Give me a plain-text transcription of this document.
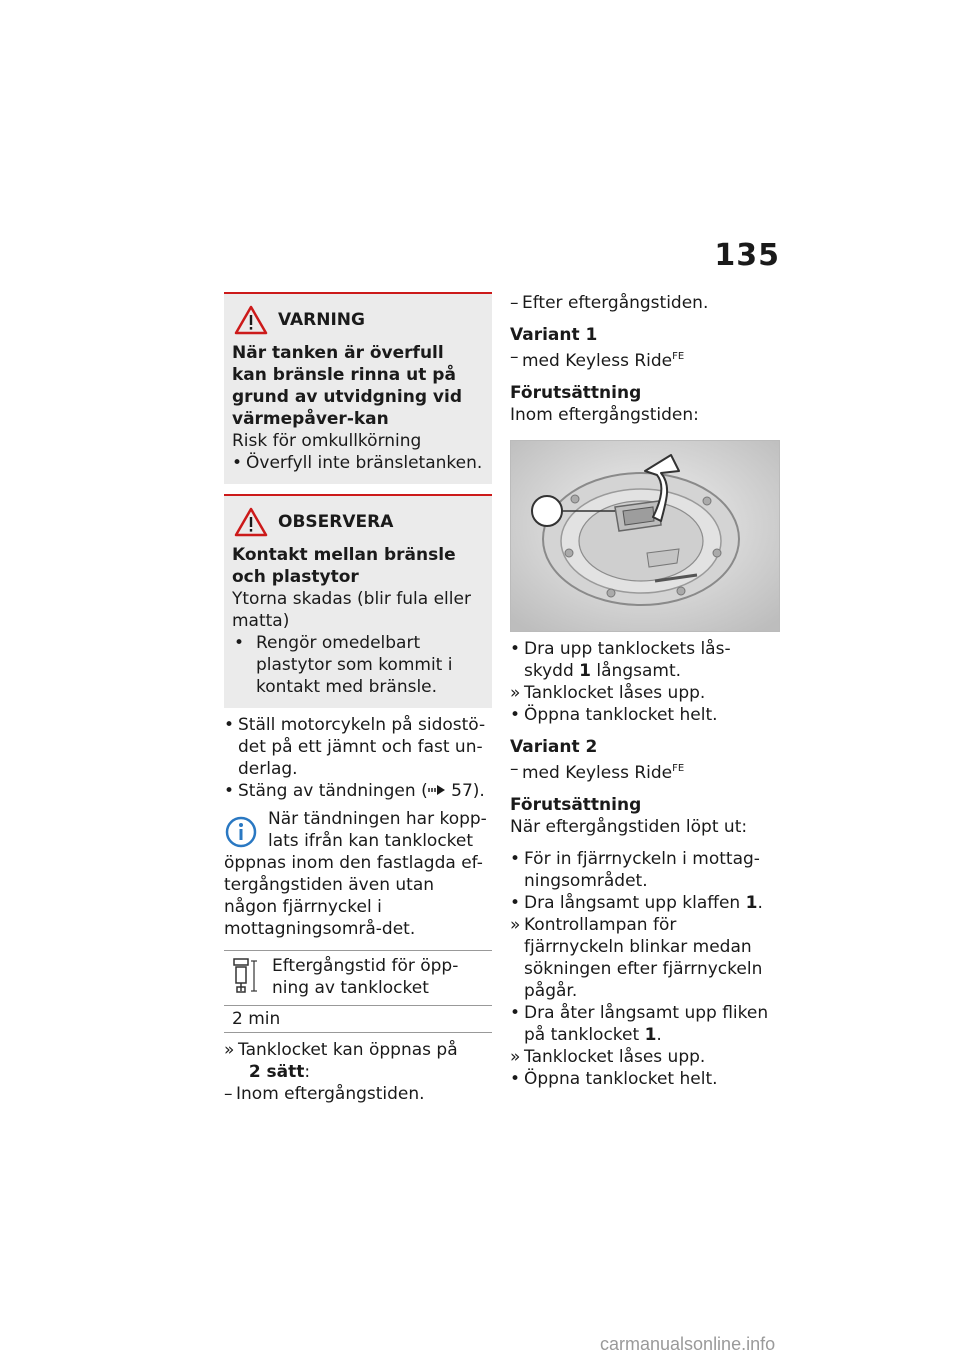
135
VARNING

När tanken är överfull kan bränsle rinna ut på grund av utvidgning vid värmepåver-kan

Risk för omkullkörning

• Överfyll inte bränsletanken.

OBSERVERA

Kontakt mellan bränsle och plastytor

Ytorna skadas (blir fula eller matta)

• Rengör omedelbart plastytor som kommit i kontakt med bränsle.

• Ställ motorcykeln på sidostö-det på ett jämnt och fast un-derlag.

• Stäng av tändningen ( 57).

När tändningen har kopp-lats ifrån kan tanklocket

öppnas inom den fastlagda ef-tergångstiden även utan någon fjärrnyckel i mottagningsområ-det.

Eftergångstid för öpp-ning av tanklocket
2 min

» Tanklocket kan öppnas på
2 sätt:

– Inom eftergångstiden.

– Efter eftergångstiden.

Variant 1

– med Keyless Ride$^{FE}$

Förutsättning

Inom eftergångstiden:

• Dra upp tanklockets lås-skydd 1 långsamt.

» Tanklocket låses upp.

• Öppna tanklocket helt.

Variant 2

– med Keyless Ride$^{FE}$

Förutsättning

När eftergångstiden löpt ut:

• För in fjärrnyckeln i mottag-ningsområdet.

• Dra långsamt upp klaffen 1.

» Kontrollampan för fjärrnyckeln blinkar medan sökningen efter fjärrnyckeln pågår.

• Dra åter långsamt upp fliken på tanklocket 1.

» Tanklocket låses upp.

• Öppna tanklocket helt.

carmanualsonline.info
